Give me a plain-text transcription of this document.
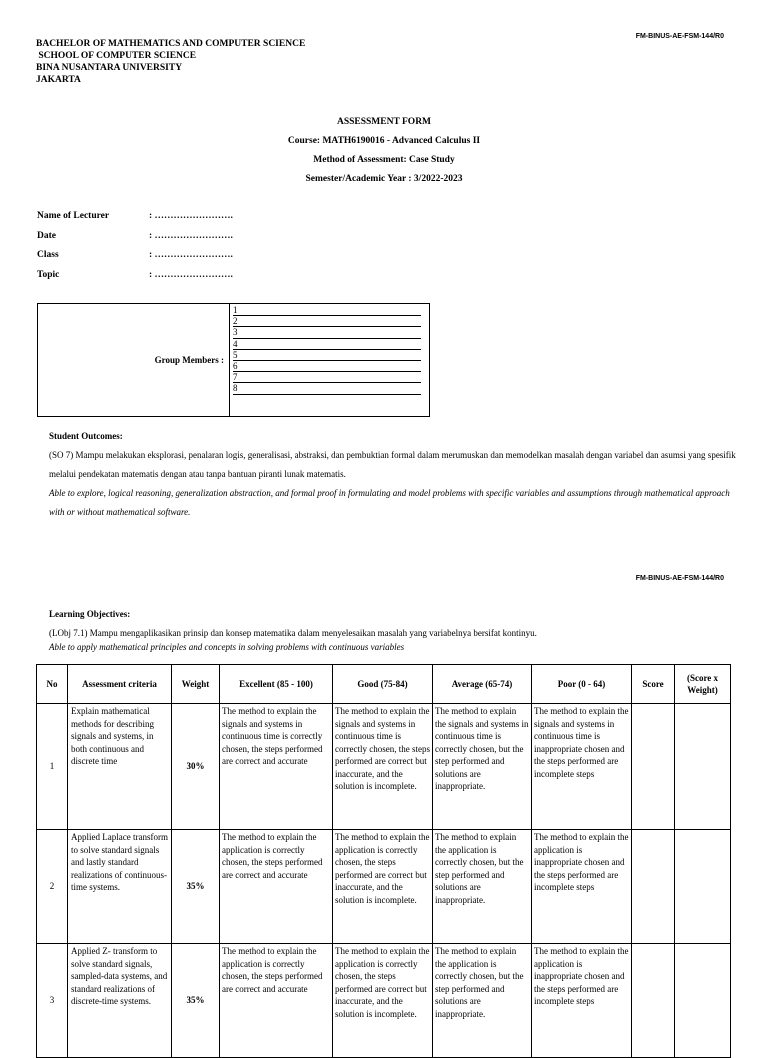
BACHELOR OF MATHEMATICS AND COMPUTER SCIENCE
SCHOOL OF COMPUTER SCIENCE
BINA NUSANTARA UNIVERSITY
JAKARTA
FM-BINUS-AE-FSM-144/R0
ASSESSMENT FORM
Course: MATH6190016 - Advanced Calculus II
Method of Assessment: Case Study
Semester/Academic Year : 3/2022-2023
Name of Lecturer	: …………………….
Date	: …………………….
Class	: …………………….
Topic	: …………………….
Group Members :
1
2
3
4
5
6
7
8
Student Outcomes:
(SO 7) Mampu melakukan eksplorasi, penalaran logis, generalisasi, abstraksi, dan pembuktian formal dalam merumuskan dan memodelkan masalah dengan variabel dan asumsi yang spesifik melalui pendekatan matematis dengan atau tanpa bantuan piranti lunak matematis.
Able to explore, logical reasoning, generalization abstraction, and formal proof in formulating and model problems with specific variables and assumptions through mathematical approach with or without mathematical software.
FM-BINUS-AE-FSM-144/R0
Learning Objectives:
(LObj 7.1) Mampu mengaplikasikan prinsip dan konsep matematika dalam menyelesaikan masalah yang variabelnya bersifat kontinyu.
Able to apply mathematical principles and concepts in solving problems with continuous variables
No	Assessment criteria	Weight	Excellent (85 - 100)	Good (75-84)	Average (65-74)	Poor (0 - 64)	Score	(Score x Weight)
1	Explain mathematical methods for describing signals and systems, in both continuous and discrete time	30%	The method to explain the signals and systems in continuous time is correctly chosen, the steps performed are correct and accurate	The method to explain the signals and systems in continuous time is correctly chosen, the steps performed are correct but inaccurate, and the solution is incomplete.	The method to explain the signals and systems in continuous time is correctly chosen, but the step performed and solutions are inappropriate.	The method to explain the signals and systems in continuous time is inappropriate chosen and the steps performed are incomplete steps		
2	Applied Laplace transform to solve standard signals and lastly standard realizations of continuous-time systems.	35%	The method to explain the application is correctly chosen, the steps performed are correct and accurate	The method to explain the application is correctly chosen, the steps performed are correct but inaccurate, and the solution is incomplete.	The method to explain the application is correctly chosen, but the step performed and solutions are inappropriate.	The method to explain the application is inappropriate chosen and the steps performed are incomplete steps		
3	Applied Z- transform to solve standard signals, sampled-data systems, and standard realizations of discrete-time systems.	35%	The method to explain the application is correctly chosen, the steps performed are correct and accurate	The method to explain the application is correctly chosen, the steps performed are correct but inaccurate, and the solution is incomplete.	The method to explain the application is correctly chosen, but the step performed and solutions are inappropriate.	The method to explain the application is inappropriate chosen and the steps performed are incomplete steps		
